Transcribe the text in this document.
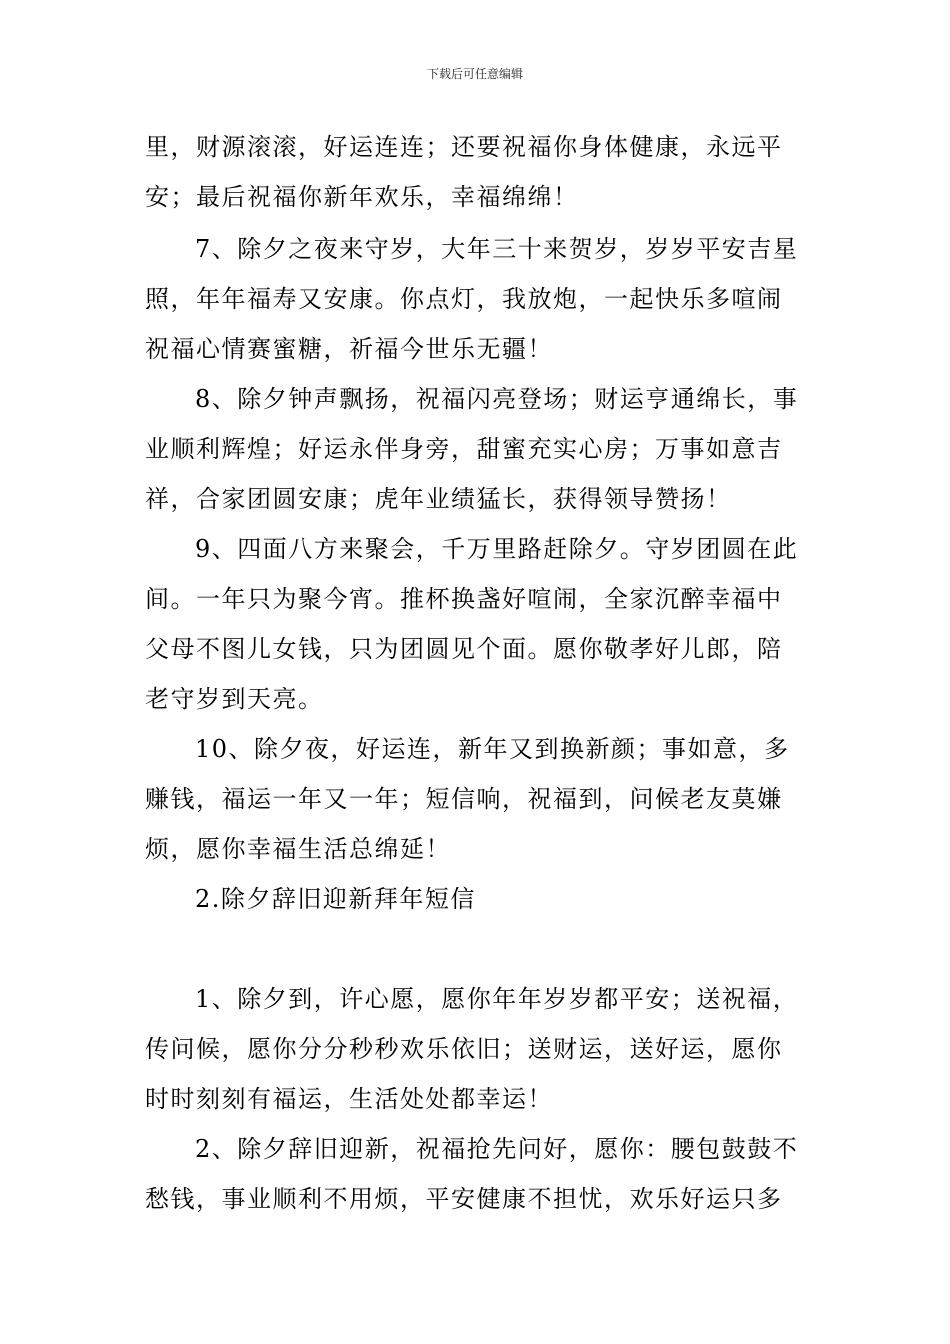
下载后可任意编辑
里，财源滚滚，好运连连；还要祝福你身体健康，永远平
安；最后祝福你新年欢乐，幸福绵绵！
7、除夕之夜来守岁，大年三十来贺岁，岁岁平安吉星
照，年年福寿又安康。你点灯，我放炮，一起快乐多喧闹
祝福心情赛蜜糖，祈福今世乐无疆！
8、除夕钟声飘扬，祝福闪亮登场；财运亨通绵长，事
业顺利辉煌；好运永伴身旁，甜蜜充实心房；万事如意吉
祥，合家团圆安康；虎年业绩猛长，获得领导赞扬！
9、四面八方来聚会，千万里路赶除夕。守岁团圆在此
间。一年只为聚今宵。推杯换盏好喧闹，全家沉醉幸福中
父母不图儿女钱，只为团圆见个面。愿你敬孝好儿郎，陪
老守岁到天亮。
10、除夕夜，好运连，新年又到换新颜；事如意，多
赚钱，福运一年又一年；短信响，祝福到，问候老友莫嫌
烦，愿你幸福生活总绵延！
2.除夕辞旧迎新拜年短信
1、除夕到，许心愿，愿你年年岁岁都平安；送祝福，
传问候，愿你分分秒秒欢乐依旧；送财运，送好运，愿你
时时刻刻有福运，生活处处都幸运！
2、除夕辞旧迎新，祝福抢先问好，愿你：腰包鼓鼓不
愁钱，事业顺利不用烦，平安健康不担忧，欢乐好运只多
